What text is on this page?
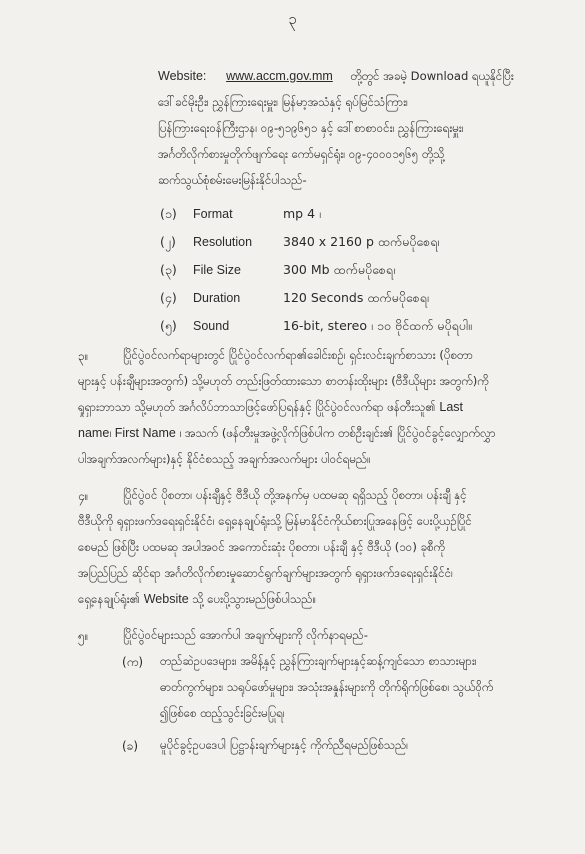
၃
Website: www.accm.gov.mm တို့တွင် အခမဲ့ Download ရယူနိုင်ပြီး
ဒေါ်ခင်မိုးဦး၊ ညွှန်ကြားရေးမှူး၊ မြန်မာ့အသံနှင့် ရုပ်မြင်သံကြား၊
ပြန်ကြားရေးဝန်ကြီးဌာန၊ ၀၉-၅၁၉၆၅၁ နှင့် ဒေါ်စာစာဝင်း၊ ညွှန်ကြားရေးမှူး၊
အင်္ဂတိလိုက်စားမှုတိုက်ဖျက်ရေး ကော်မရှင်ရုံး၊ ၀၉-၄၀၀၀၁၅၆၅ တို့သို့
ဆက်သွယ်စုံစမ်းမေးမြန်းနိုင်ပါသည်-
(၁) Format	mp 4 ၊
(၂) Resolution 3840 x 2160 p ထက်မပိုစေရ၊
(၃) File Size	300 Mb ထက်မပိုစေရ၊
(၄) Duration	120 Seconds ထက်မပိုစေရ၊
(၅) Sound	16-bit, stereo ၊ ၁၀ ဗိုင်ထက် မပိုရပါ။
၃။	ပြိုင်ပွဲဝင်လက်ရာများတွင် ပြိုင်ပွဲဝင်လက်ရာ၏ခေါင်းစဉ်၊ ရှင်းလင်းချက်စာသား (ပိုစတာ
များနှင့် ပန်းချီများအတွက်) သို့မဟုတ် တည်းဖြတ်ထားသော စာတန်းထိုးများ (ဗီဒီယိုများ အတွက်)ကို
ရှုရှားဘာသာ သို့မဟုတ် အင်္ဂလိပ်ဘာသာဖြင့်ဖော်ပြရန်နှင့် ပြိုင်ပွဲဝင်လက်ရာ ဖန်တီးသူ၏ Last
name၊ First Name ၊ အသက် (ဖန်တီးမှုအဖွဲ့လိုက်ဖြစ်ပါက တစ်ဦးချင်း၏ ပြိုင်ပွဲဝင်ခွင့်လျှောက်လွှာ
ပါအချက်အလက်များ)နှင့် နိုင်ငံစသည့် အချက်အလက်များ ပါဝင်ရမည်။
၄။	ပြိုင်ပွဲဝင် ပိုစတာ၊ ပန်းချီနှင့် ဗီဒီယို တို့အနက်မှ ပထမဆု ရရှိသည့် ပိုစတာ၊ ပန်းချီ နှင့်
ဗီဒီယိုကို ရုရှားဖက်ဒရေးရှင်းနိုင်ငံ၊ ရှေ့နေချုပ်ရုံးသို့ မြန်မာနိုင်ငံကိုယ်စားပြုအနေဖြင့် ပေးပို့ယှဉ်ပြိုင်
စေမည် ဖြစ်ပြီး ပထမဆု အပါအဝင် အကောင်းဆုံး ပိုစတာ၊ ပန်းချီ နှင့် ဗီဒီယို (၁၀) ခုစီကို
အပြည်ပြည် ဆိုင်ရာ အင်္ဂတိလိုက်စားမှုဆောင်ရွက်ချက်များအတွက် ရုရှားဖက်ဒရေးရှင်းနိုင်ငံ၊
ရှေ့နေချုပ်ရုံး၏ Website သို့ ပေးပို့သွားမည်ဖြစ်ပါသည်။
၅။	ပြိုင်ပွဲဝင်များသည် အောက်ပါ အချက်များကို လိုက်နာရမည်-
(က) တည်ဆဲဥပဒေများ၊ အမိန့်နှင့် ညွှန်ကြားချက်များနှင့်ဆန့်ကျင်သော စာသားများ၊
ဓာတ်ကွက်များ၊ သရုပ်ဖော်မှုများ၊ အသုံးအနှုန်းများကို တိုက်ရိုက်ဖြစ်စေ၊ သွယ်ဝိုက်
၍ဖြစ်စေ ထည့်သွင်းခြင်းမပြုရ၊
(ခ) မူပိုင်ခွင့်ဥပဒေပါ ပြဋ္ဌာန်းချက်များနှင့် ကိုက်ညီရမည်ဖြစ်သည်၊
